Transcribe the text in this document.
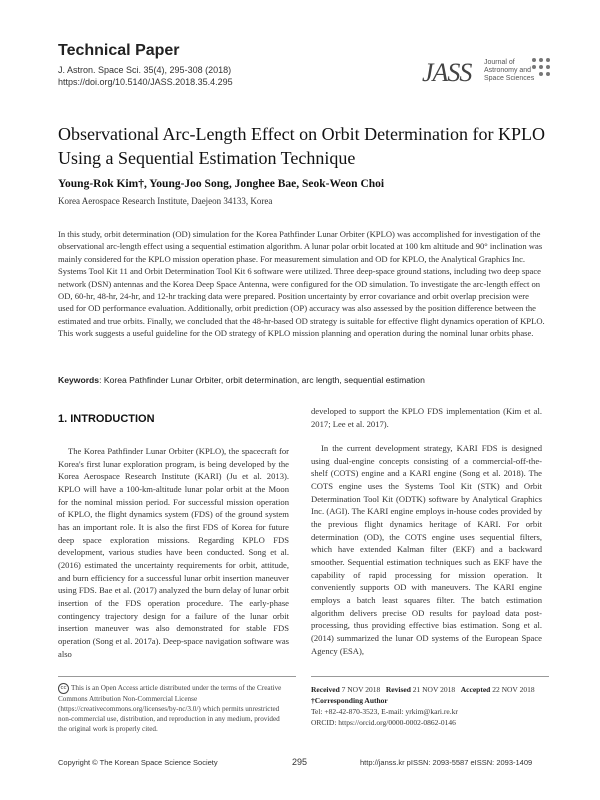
Technical Paper
J. Astron. Space Sci. 35(4), 295-308 (2018)
https://doi.org/10.5140/JASS.2018.35.4.295	JASS Journal of
Astronomy and
Space Sciences
Observational Arc-Length Effect on Orbit Determination for KPLO
Using a Sequential Estimation Technique
Young-Rok Kim†, Young-Joo Song, Jonghee Bae, Seok-Weon Choi
Korea Aerospace Research Institute, Daejeon 34133, Korea
In this study, orbit determination (OD) simulation for the Korea Pathfinder Lunar Orbiter (KPLO) was accomplished for investigation of the observational arc-length effect using a sequential estimation algorithm. A lunar polar orbit located at 100 km altitude and 90° inclination was mainly considered for the KPLO mission operation phase. For measurement simulation and OD for KPLO, the Analytical Graphics Inc. Systems Tool Kit 11 and Orbit Determination Tool Kit 6 software were utilized. Three deep-space ground stations, including two deep space network (DSN) antennas and the Korea Deep Space Antenna, were configured for the OD simulation. To investigate the arc-length effect on OD, 60-hr, 48-hr, 24-hr, and 12-hr tracking data were prepared. Position uncertainty by error covariance and orbit overlap precision were used for OD performance evaluation. Additionally, orbit prediction (OP) accuracy was also assessed by the position difference between the estimated and true orbits. Finally, we concluded that the 48-hr-based OD strategy is suitable for effective flight dynamics operation of KPLO. This work suggests a useful guideline for the OD strategy of KPLO mission planning and operation during the nominal lunar orbits phase.
Keywords: Korea Pathfinder Lunar Orbiter, orbit determination, arc length, sequential estimation
1. INTRODUCTION
The Korea Pathfinder Lunar Orbiter (KPLO), the spacecraft for Korea's first lunar exploration program, is being developed by the Korea Aerospace Research Institute (KARI) (Ju et al. 2013). KPLO will have a 100-km-altitude lunar polar orbit at the Moon for the nominal mission period. For successful mission operation of KPLO, the flight dynamics system (FDS) of the ground system has an important role. It is also the first FDS of Korea for future deep space exploration missions. Regarding KPLO FDS development, various studies have been conducted. Song et al. (2016) estimated the uncertainty requirements for orbit, attitude, and burn efficiency for a successful lunar orbit insertion maneuver using FDS. Bae et al. (2017) analyzed the burn delay of lunar orbit insertion of the FDS operation procedure. The early-phase contingency trajectory design for a failure of the lunar orbit insertion maneuver was also demonstrated for stable FDS operation (Song et al. 2017a). Deep-space navigation software was also
developed to support the KPLO FDS implementation (Kim et al. 2017; Lee et al. 2017).
In the current development strategy, KARI FDS is designed using dual-engine concepts consisting of a commercial-off-the-shelf (COTS) engine and a KARI engine (Song et al. 2018). The COTS engine uses the Systems Tool Kit (STK) and Orbit Determination Tool Kit (ODTK) software by Analytical Graphics Inc. (AGI). The KARI engine employs in-house codes provided by the previous flight dynamics heritage of KARI. For orbit determination (OD), the COTS engine uses sequential filters, which have extended Kalman filter (EKF) and a backward smoother. Sequential estimation techniques such as EKF have the capability of rapid processing for mission operation. It conveniently supports OD with maneuvers. The KARI engine employs a batch least squares filter. The batch estimation algorithm delivers precise OD results for payload data post-processing, thus providing effective bias estimation. Song et al. (2014) summarized the lunar OD systems of the European Space Agency (ESA),
cc This is an Open Access article distributed under the terms of the Creative Commons Attribution Non-Commercial License (https://creativecommons.org/licenses/by-nc/3.0/) which permits unrestricted non-commercial use, distribution, and reproduction in any medium, provided the original work is properly cited.
Received 7 NOV 2018 Revised 21 NOV 2018 Accepted 22 NOV 2018
†Corresponding Author
Tel: +82-42-870-3523, E-mail: yrkim@kari.re.kr
ORCID: https://orcid.org/0000-0002-0862-0146
Copyright © The Korean Space Science Society	295	http://janss.kr pISSN: 2093-5587 eISSN: 2093-1409
